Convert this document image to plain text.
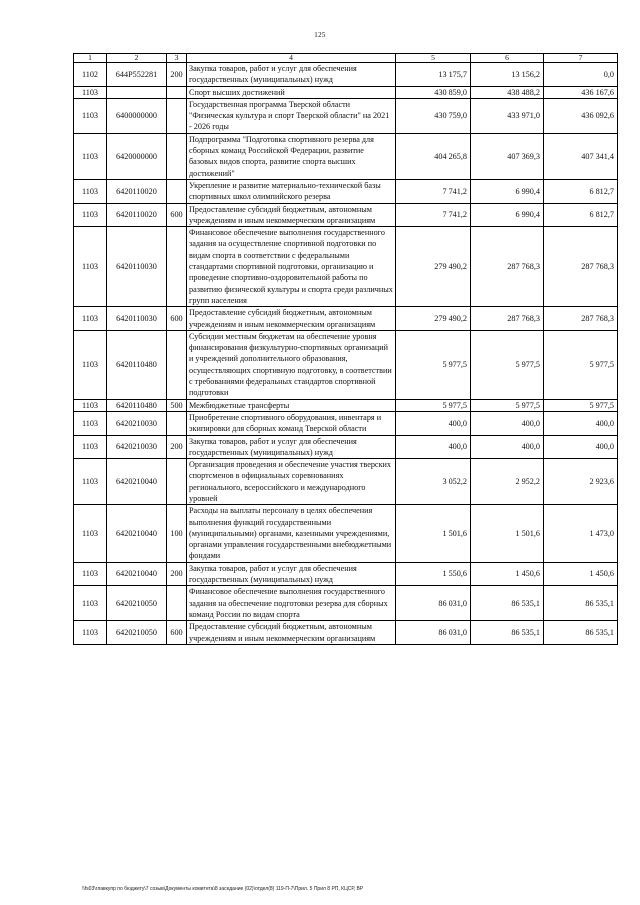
125
1	2	3	4	5	6	7
1102	644Р552281	200	Закупка товаров, работ и услуг для обеспечения государственных (муниципальных) нужд	13 175,7	13 156,2	0,0
1103			Спорт высших достижений	430 859,0	438 488,2	436 167,6
1103	6400000000		Государственная программа Тверской области "Физическая культура и спорт Тверской области" на 2021 - 2026 годы	430 759,0	433 971,0	436 092,6
1103	6420000000		Подпрограмма "Подготовка спортивного резерва для сборных команд Российской Федерации, развитие базовых видов спорта, развитие спорта высших достижений"	404 265,8	407 369,3	407 341,4
1103	6420110020		Укрепление и развитие материально-технической базы спортивных школ олимпийского резерва	7 741,2	6 990,4	6 812,7
1103	6420110020	600	Предоставление субсидий бюджетным, автономным учреждениям и иным некоммерческим организациям	7 741,2	6 990,4	6 812,7
1103	6420110030		Финансовое обеспечение выполнения государственного задания на осуществление спортивной подготовки по видам спорта в соответствии с федеральными стандартами спортивной подготовки, организацию и проведение спортивно-оздоровительной работы по развитию физической культуры и спорта среди различных групп населения	279 490,2	287 768,3	287 768,3
1103	6420110030	600	Предоставление субсидий бюджетным, автономным учреждениям и иным некоммерческим организациям	279 490,2	287 768,3	287 768,3
1103	6420110480		Субсидии местным бюджетам на обеспечение уровня финансирования физкультурно-спортивных организаций и учреждений дополнительного образования, осуществляющих спортивную подготовку, в соответствии с требованиями федеральных стандартов спортивной подготовки	5 977,5	5 977,5	5 977,5
1103	6420110480	500	Межбюджетные трансферты	5 977,5	5 977,5	5 977,5
1103	6420210030		Приобретение спортивного оборудования, инвентаря и экипировки для сборных команд Тверской области	400,0	400,0	400,0
1103	6420210030	200	Закупка товаров, работ и услуг для обеспечения государственных (муниципальных) нужд	400,0	400,0	400,0
1103	6420210040		Организация проведения и обеспечение участия тверских спортсменов в официальных соревнованиях регионального, всероссийского и международного уровней	3 052,2	2 952,2	2 923,6
1103	6420210040	100	Расходы на выплаты персоналу в целях обеспечения выполнения функций государственными (муниципальными) органами, казенными учреждениями, органами управления государственными внебюджетными фондами	1 501,6	1 501,6	1 473,0
1103	6420210040	200	Закупка товаров, работ и услуг для обеспечения государственных (муниципальных) нужд	1 550,6	1 450,6	1 450,6
1103	6420210050		Финансовое обеспечение выполнения государственного задания на обеспечение подготовки резерва для сборных команд России по видам спорта	86 031,0	86 535,1	86 535,1
1103	6420210050	600	Предоставление субсидий бюджетным, автономным учреждениям и иным некоммерческим организациям	86 031,0	86 535,1	86 535,1
\\fs03\главкупр по бюджету\7 созыв\Документы комитета\8 заседание (02)\отдел(8) 119-П-7\Прил. 5 Прил 8 РП, КЦСР, ВР
